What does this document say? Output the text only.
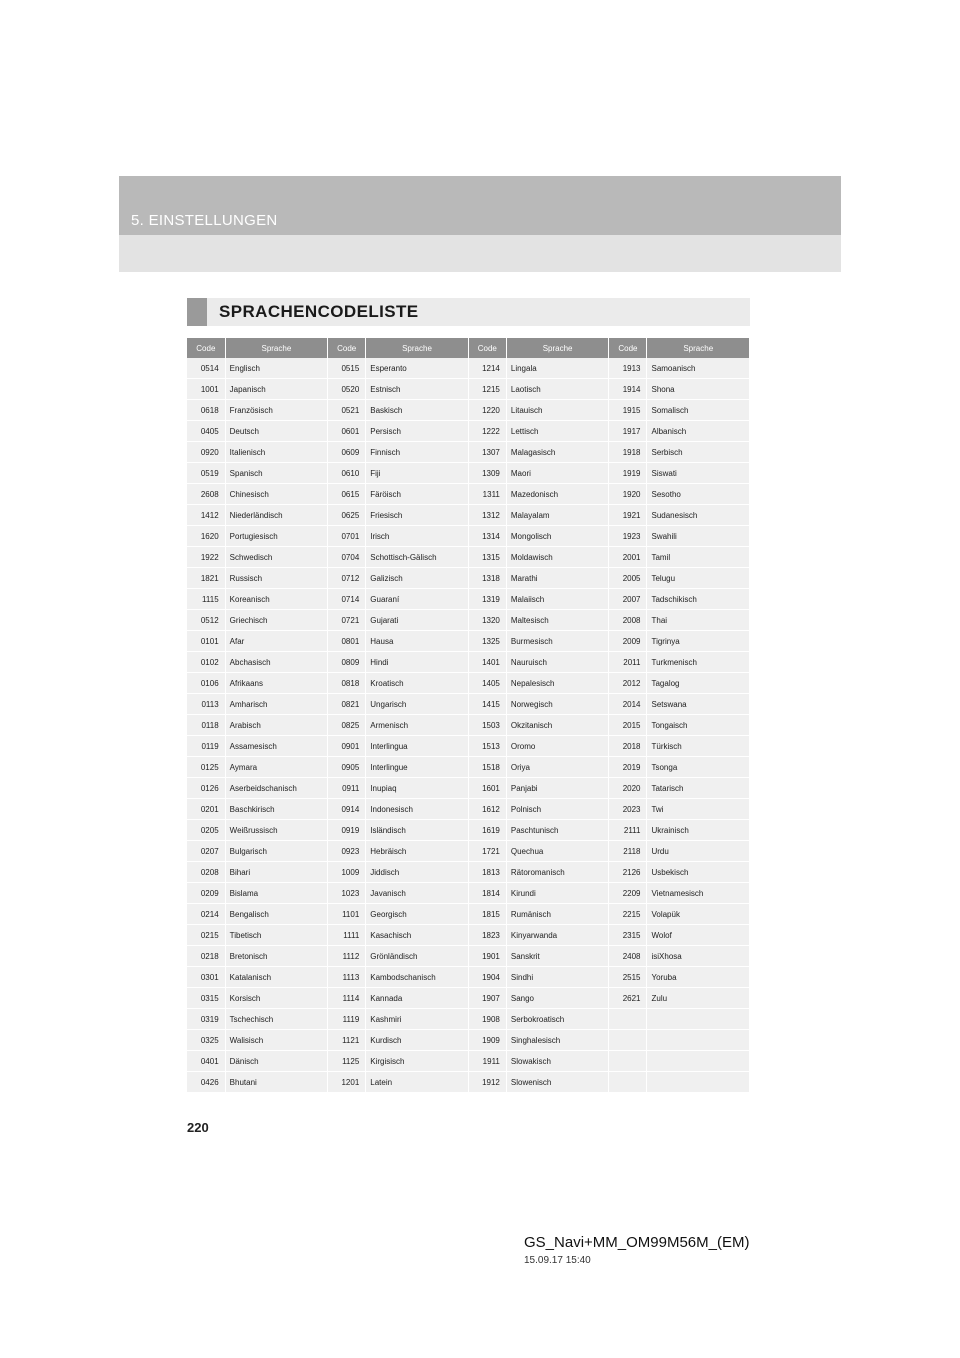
5. EINSTELLUNGEN
SPRACHENCODELISTE
Code	Sprache	Code	Sprache	Code	Sprache	Code	Sprache
0514	Englisch	0515	Esperanto	1214	Lingala	1913	Samoanisch
1001	Japanisch	0520	Estnisch	1215	Laotisch	1914	Shona
0618	Französisch	0521	Baskisch	1220	Litauisch	1915	Somalisch
0405	Deutsch	0601	Persisch	1222	Lettisch	1917	Albanisch
0920	Italienisch	0609	Finnisch	1307	Malagasisch	1918	Serbisch
0519	Spanisch	0610	Fiji	1309	Maori	1919	Siswati
2608	Chinesisch	0615	Färöisch	1311	Mazedonisch	1920	Sesotho
1412	Niederländisch	0625	Friesisch	1312	Malayalam	1921	Sudanesisch
1620	Portugiesisch	0701	Irisch	1314	Mongolisch	1923	Swahili
1922	Schwedisch	0704	Schottisch-Gälisch	1315	Moldawisch	2001	Tamil
1821	Russisch	0712	Galizisch	1318	Marathi	2005	Telugu
1115	Koreanisch	0714	Guaraní	1319	Malaiisch	2007	Tadschikisch
0512	Griechisch	0721	Gujarati	1320	Maltesisch	2008	Thai
0101	Afar	0801	Hausa	1325	Burmesisch	2009	Tigrinya
0102	Abchasisch	0809	Hindi	1401	Nauruisch	2011	Turkmenisch
0106	Afrikaans	0818	Kroatisch	1405	Nepalesisch	2012	Tagalog
0113	Amharisch	0821	Ungarisch	1415	Norwegisch	2014	Setswana
0118	Arabisch	0825	Armenisch	1503	Okzitanisch	2015	Tongaisch
0119	Assamesisch	0901	Interlingua	1513	Oromo	2018	Türkisch
0125	Aymara	0905	Interlingue	1518	Oriya	2019	Tsonga
0126	Aserbeidschanisch	0911	Inupiaq	1601	Panjabi	2020	Tatarisch
0201	Baschkirisch	0914	Indonesisch	1612	Polnisch	2023	Twi
0205	Weißrussisch	0919	Isländisch	1619	Paschtunisch	2111	Ukrainisch
0207	Bulgarisch	0923	Hebräisch	1721	Quechua	2118	Urdu
0208	Bihari	1009	Jiddisch	1813	Rätoromanisch	2126	Usbekisch
0209	Bislama	1023	Javanisch	1814	Kirundi	2209	Vietnamesisch
0214	Bengalisch	1101	Georgisch	1815	Rumänisch	2215	Volapük
0215	Tibetisch	1111	Kasachisch	1823	Kinyarwanda	2315	Wolof
0218	Bretonisch	1112	Grönländisch	1901	Sanskrit	2408	isiXhosa
0301	Katalanisch	1113	Kambodschanisch	1904	Sindhi	2515	Yoruba
0315	Korsisch	1114	Kannada	1907	Sango	2621	Zulu
0319	Tschechisch	1119	Kashmiri	1908	Serbokroatisch		
0325	Walisisch	1121	Kurdisch	1909	Singhalesisch		
0401	Dänisch	1125	Kirgisisch	1911	Slowakisch		
0426	Bhutani	1201	Latein	1912	Slowenisch		
220
GS_Navi+MM_OM99M56M_(EM)
15.09.17 15:40
